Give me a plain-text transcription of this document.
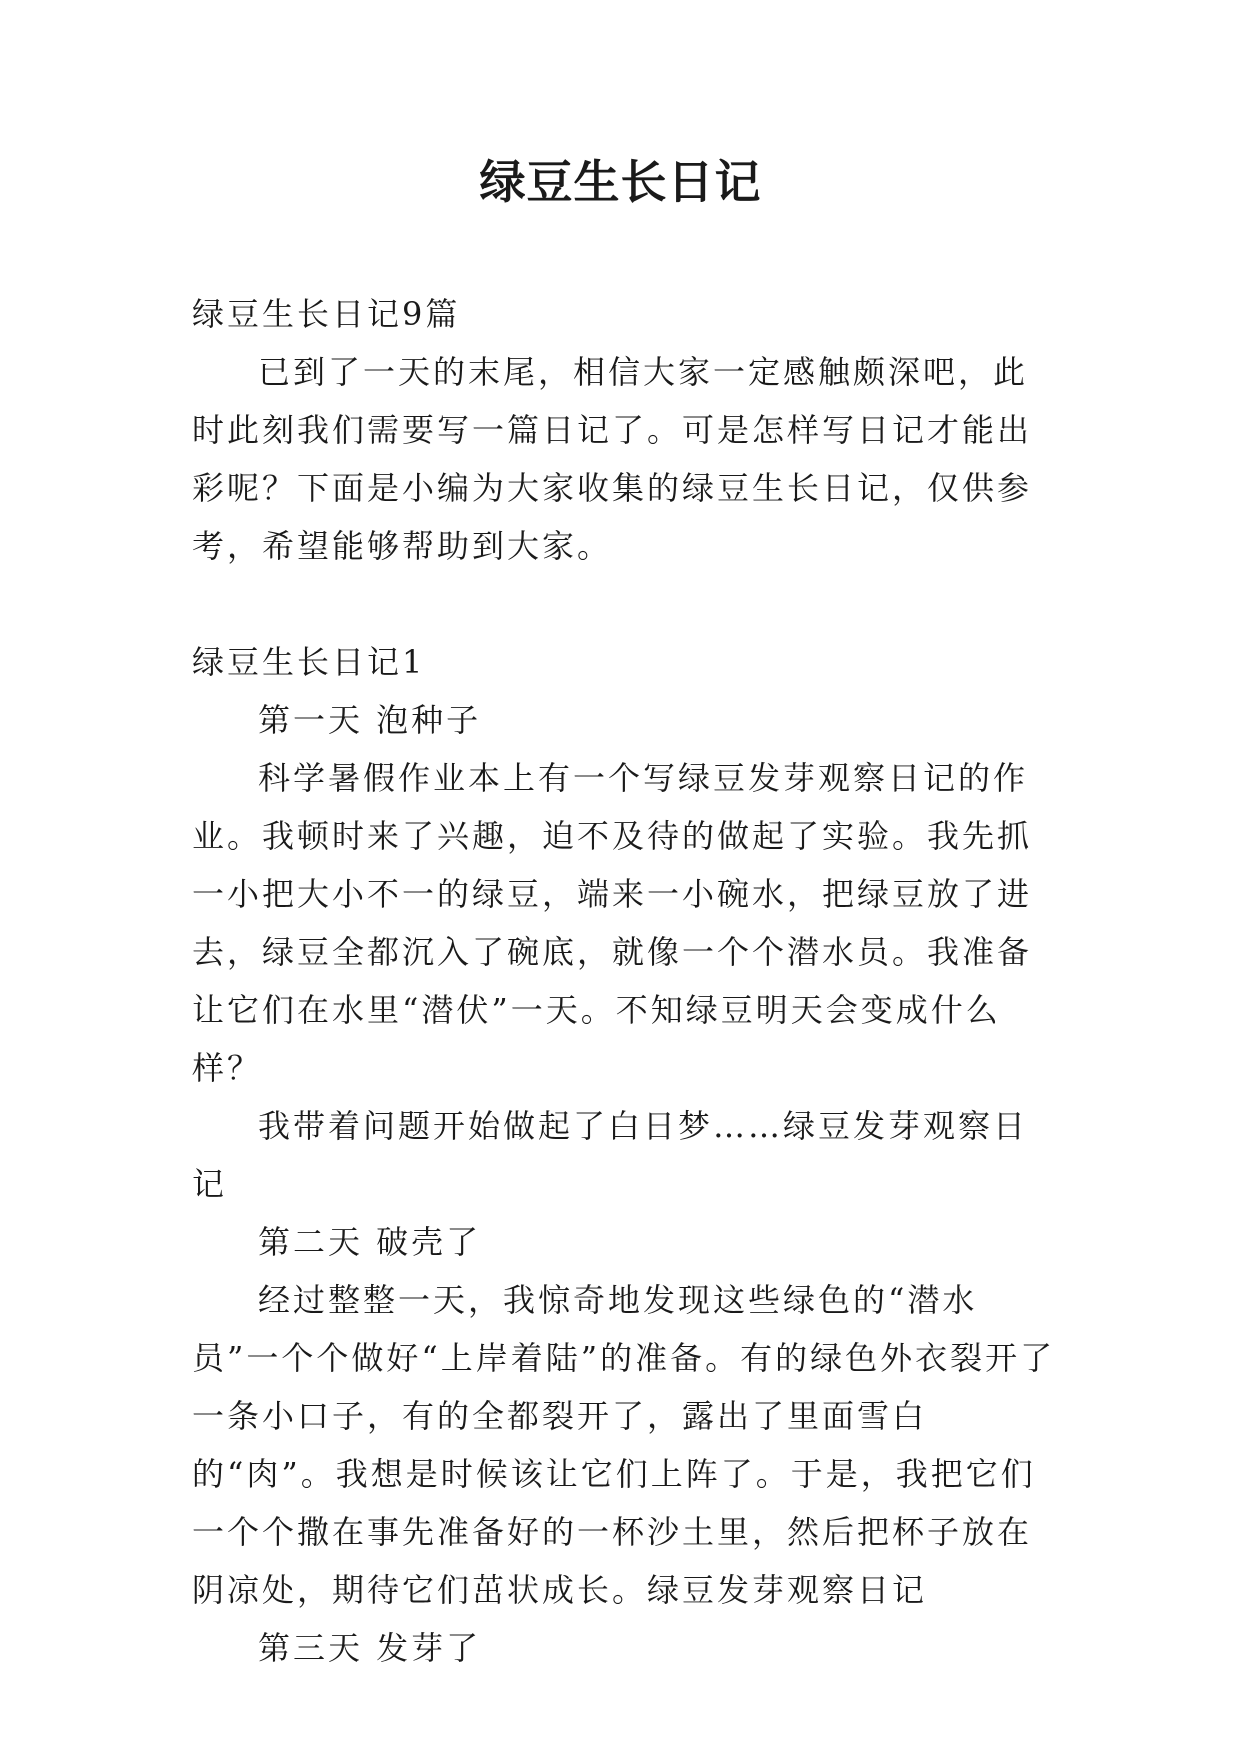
绿豆生长日记

绿豆生长日记9篇

已到了一天的末尾，相信大家一定感触颇深吧，此时此刻我们需要写一篇日记了。可是怎样写日记才能出彩呢？下面是小编为大家收集的绿豆生长日记，仅供参考，希望能够帮助到大家。

绿豆生长日记1

第一天 泡种子

科学暑假作业本上有一个写绿豆发芽观察日记的作业。我顿时来了兴趣，迫不及待的做起了实验。我先抓一小把大小不一的绿豆，端来一小碗水，把绿豆放了进去，绿豆全都沉入了碗底，就像一个个潜水员。我准备让它们在水里“潜伏”一天。不知绿豆明天会变成什么样？

我带着问题开始做起了白日梦……绿豆发芽观察日记

第二天 破壳了

经过整整一天，我惊奇地发现这些绿色的“潜水员”一个个做好“上岸着陆”的准备。有的绿色外衣裂开了一条小口子，有的全都裂开了，露出了里面雪白的“肉”。我想是时候该让它们上阵了。于是，我把它们一个个撒在事先准备好的一杯沙土里，然后把杯子放在阴凉处，期待它们茁状成长。绿豆发芽观察日记

第三天 发芽了
